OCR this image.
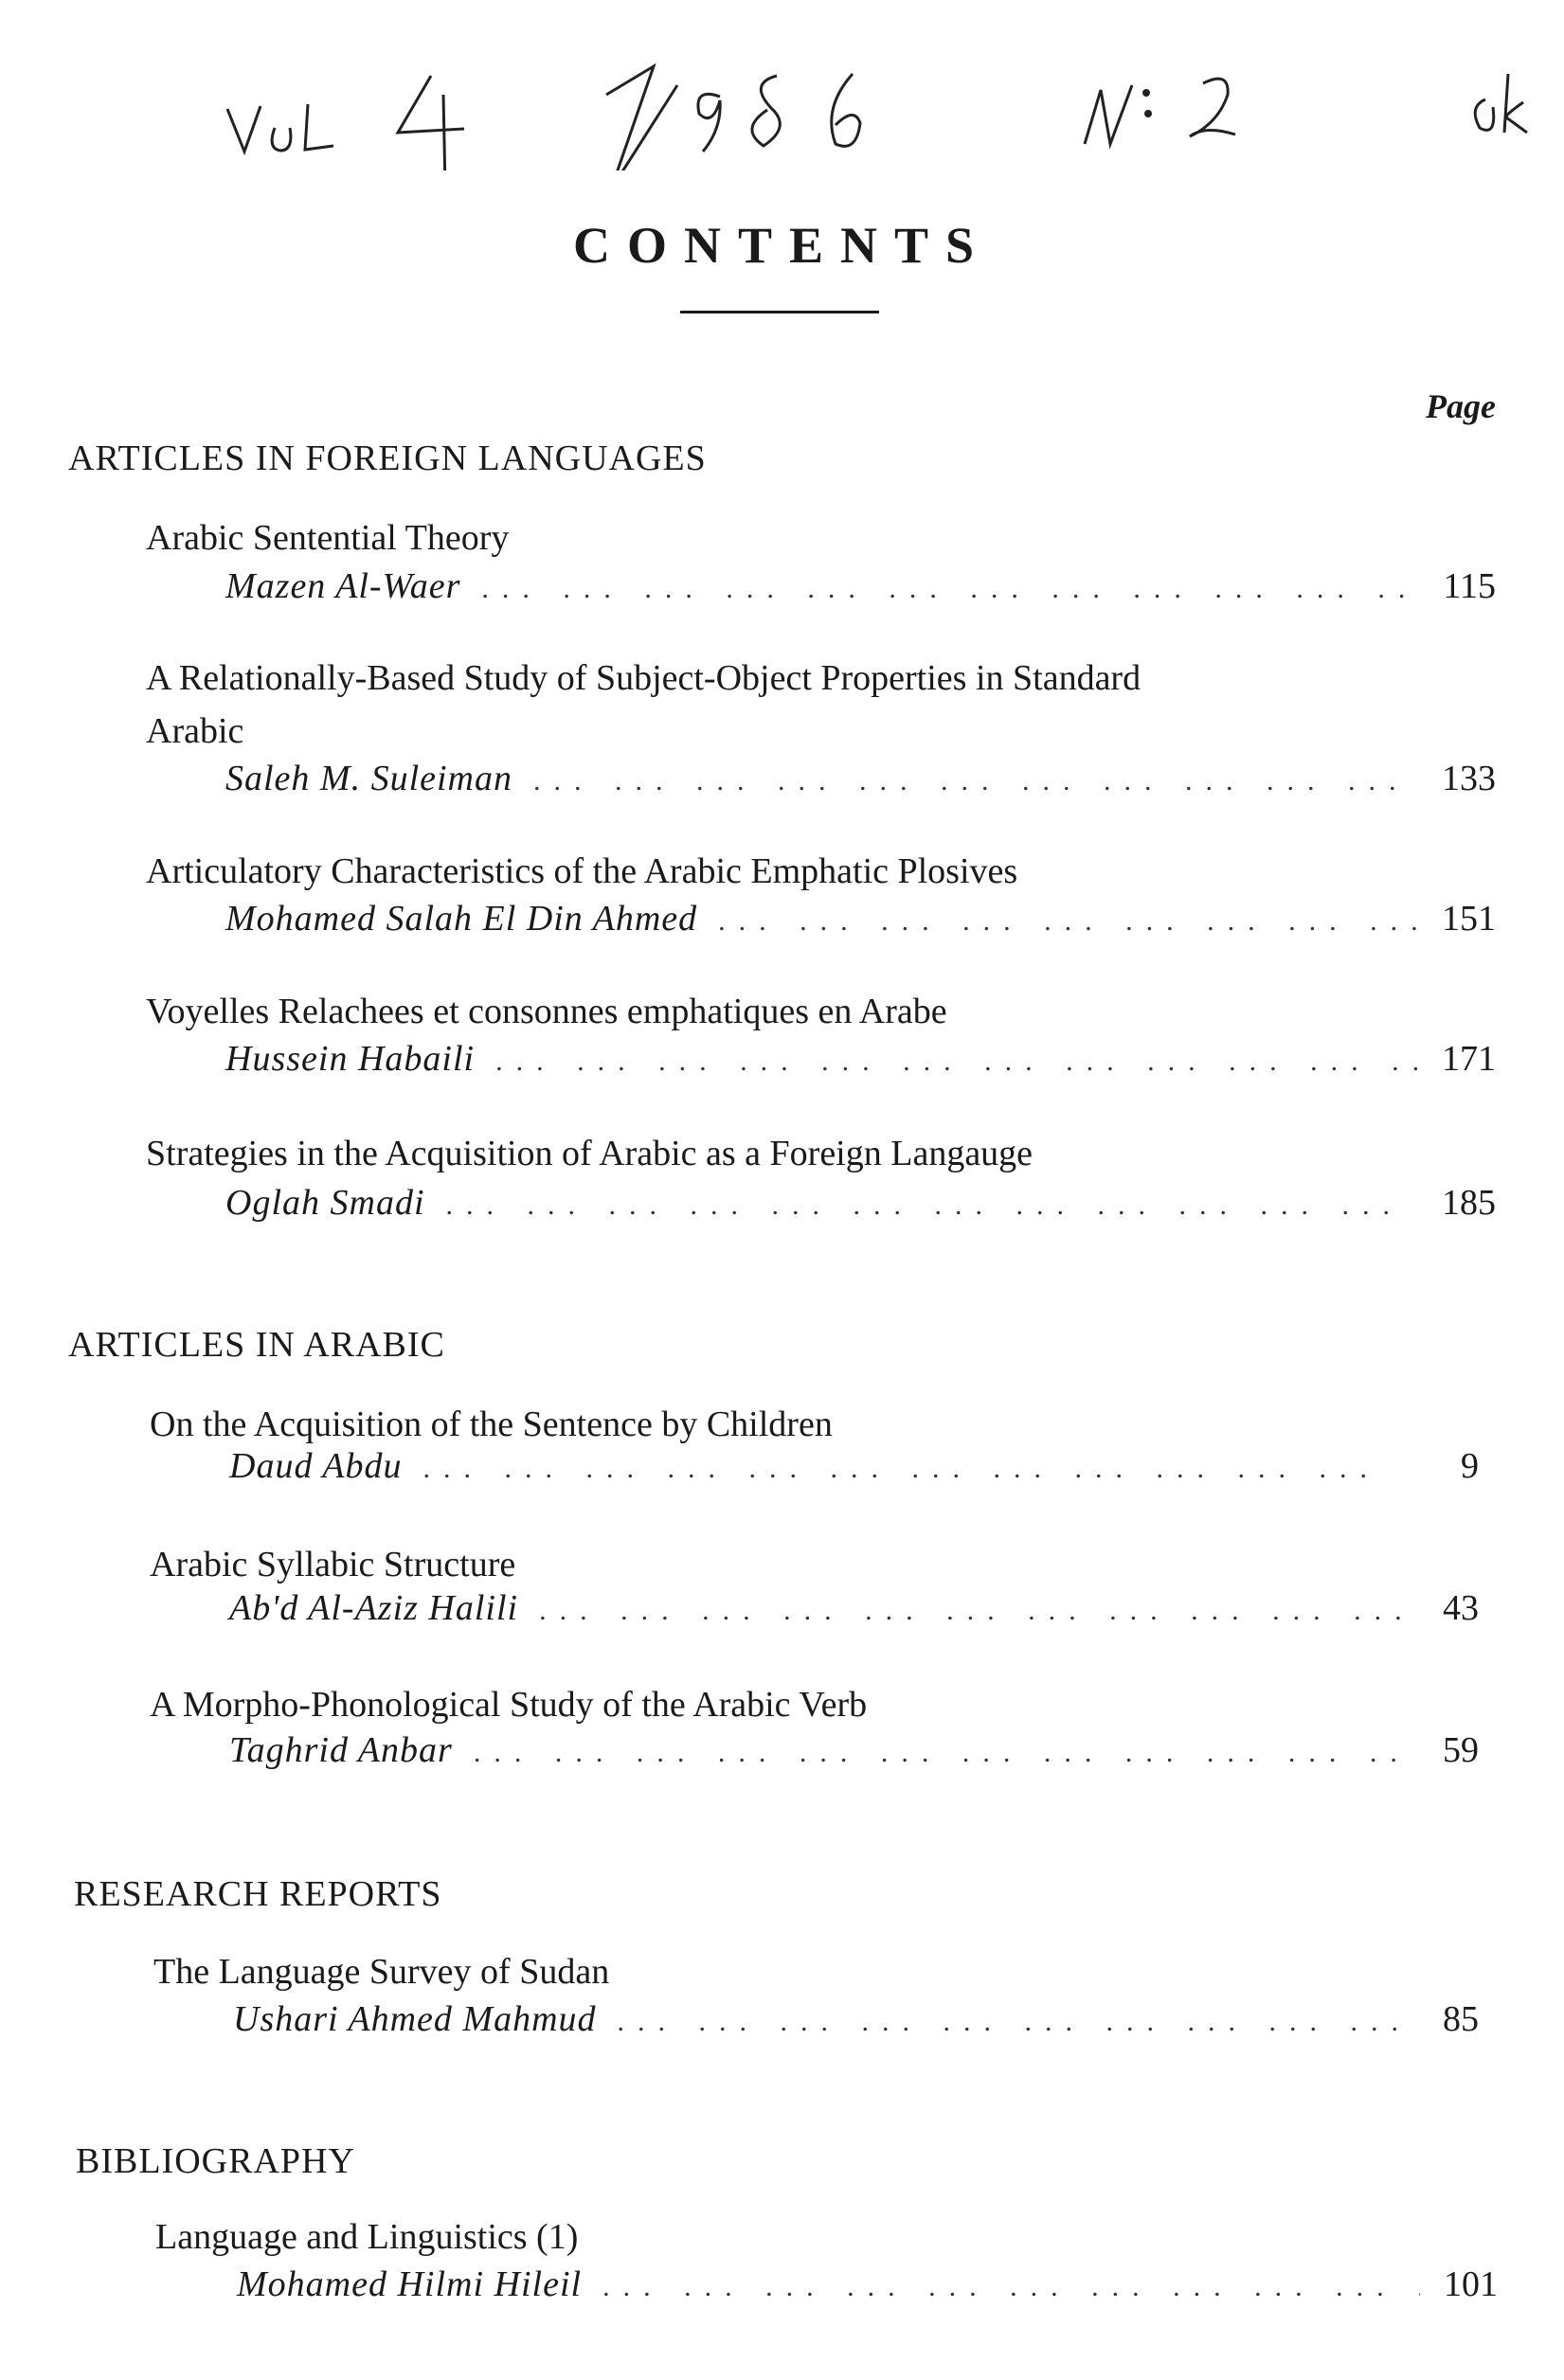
CONTENTS
Page
ARTICLES IN FOREIGN LANGUAGES
Arabic Sentential Theory
Mazen Al-Waer ... .	115
A Relationally-Based Study of Subject-Object Properties in Standard Arabic
Saleh M. Suleiman ... .	133
Articulatory Characteristics of the Arabic Emphatic Plosives
Mohamed Salah El Din Ahmed ... .	151
Voyelles Relachees et consonnes emphatiques en Arabe
Hussein Habaili ... .	171
Strategies in the Acquisition of Arabic as a Foreign Langauge
Oglah Smadi ... .	185
ARTICLES IN ARABIC
On the Acquisition of the Sentence by Children
Daud Abdu ... .	9
Arabic Syllabic Structure
Ab'd Al-Aziz Halili ... .	43
A Morpho-Phonological Study of the Arabic Verb
Taghrid Anbar ... .	59
RESEARCH REPORTS
The Language Survey of Sudan
Ushari Ahmed Mahmud ... .	85
BIBLIOGRAPHY
Language and Linguistics (1)
Mohamed Hilmi Hileil ... .	101
